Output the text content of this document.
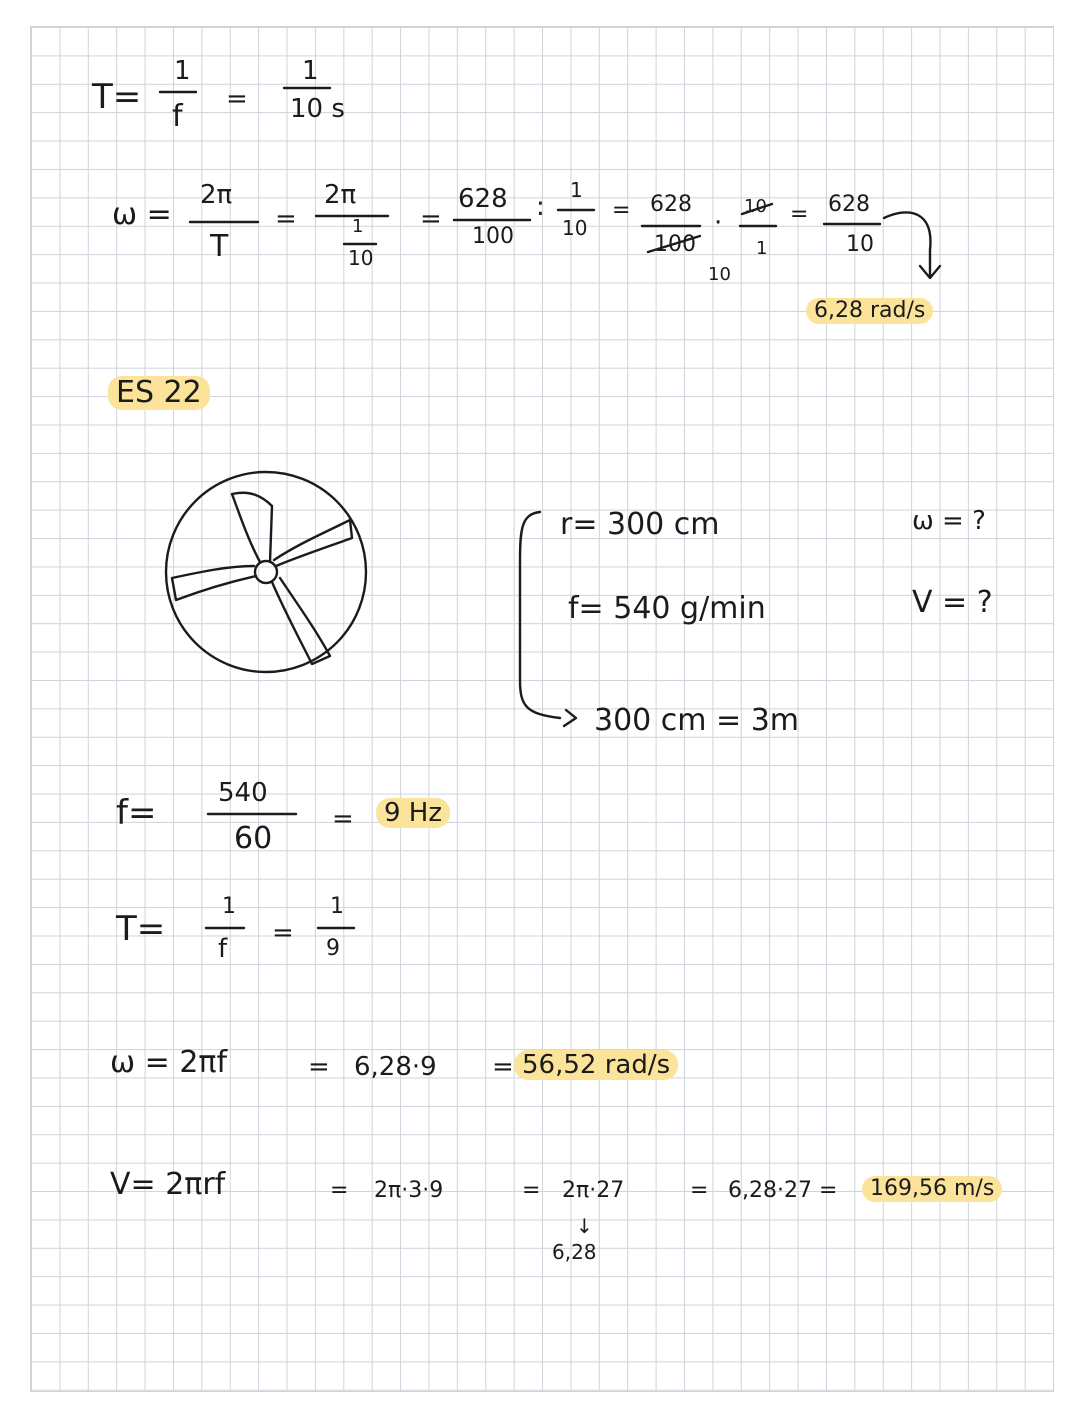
T=
1
f =
1
10 s
ω =
2π
T
=
2π
1
10
=
628
100
:
1
10
= 628
100
·
10
1
10
= 628
10
6,28 rad/s
ES 22
r= 300 cm
f= 540 g/min
ω = ?
V = ?
300 cm = 3m
f= 540
60
=	9 Hz
T=
1
f
=
1
9
ω = 2πf	= 6,28·9 = 56,52 rad/s
V= 2πrf	= 2π·3·9	= 2π·27	= 6,28·27 =	169,56 m/s
↓
6,28
